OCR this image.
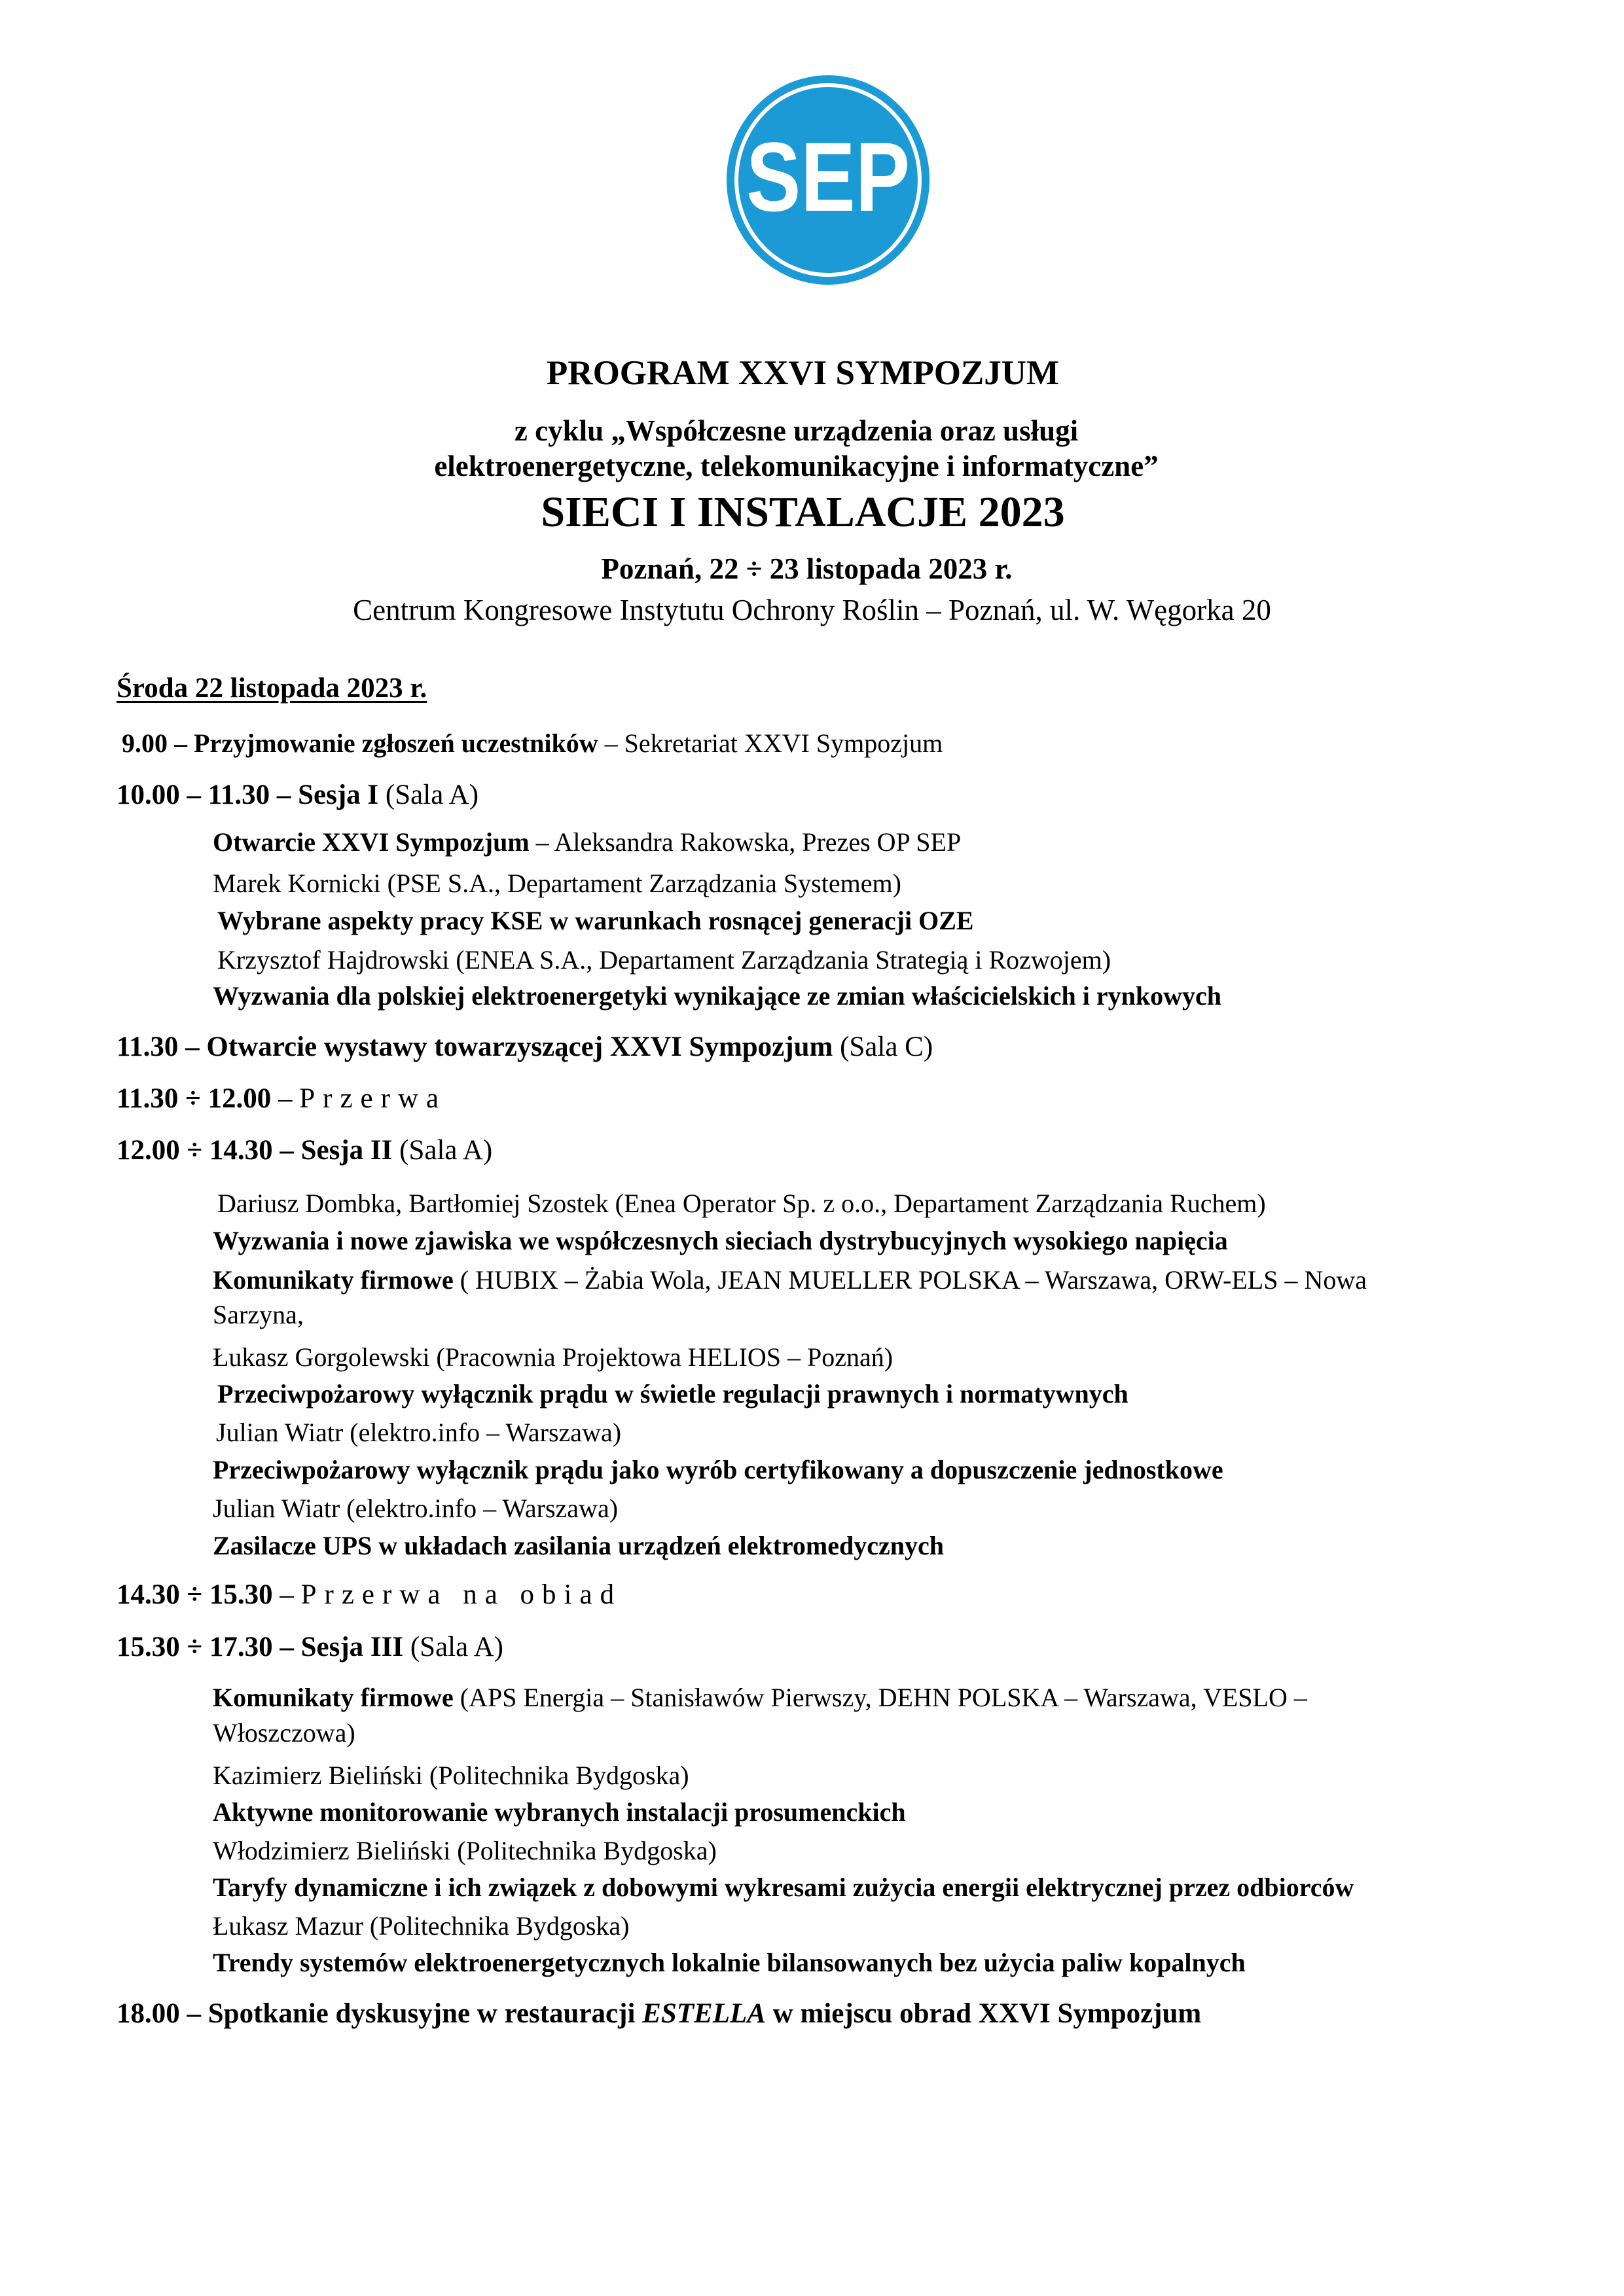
SEP
PROGRAM XXVI SYMPOZJUM
z cyklu „Współczesne urządzenia oraz usługi
elektroenergetyczne, telekomunikacyjne i informatyczne”
SIECI I INSTALACJE 2023
Poznań, 22 ÷ 23 listopada 2023 r.
Centrum Kongresowe Instytutu Ochrony Roślin – Poznań, ul. W. Węgorka 20
Środa 22 listopada 2023 r.
9.00 – Przyjmowanie zgłoszeń uczestników – Sekretariat XXVI Sympozjum
10.00 – 11.30 – Sesja I (Sala A)
Otwarcie XXVI Sympozjum – Aleksandra Rakowska, Prezes OP SEP
Marek Kornicki (PSE S.A., Departament Zarządzania Systemem)
Wybrane aspekty pracy KSE w warunkach rosnącej generacji OZE
Krzysztof Hajdrowski (ENEA S.A., Departament Zarządzania Strategią i Rozwojem)
Wyzwania dla polskiej elektroenergetyki wynikające ze zmian właścicielskich i rynkowych
11.30 – Otwarcie wystawy towarzyszącej XXVI Sympozjum (Sala C)
11.30 ÷ 12.00 – Przerwa
12.00 ÷ 14.30 – Sesja II (Sala A)
Dariusz Dombka, Bartłomiej Szostek (Enea Operator Sp. z o.o., Departament Zarządzania Ruchem)
Wyzwania i nowe zjawiska we współczesnych sieciach dystrybucyjnych wysokiego napięcia
Komunikaty firmowe ( HUBIX – Żabia Wola, JEAN MUELLER POLSKA – Warszawa, ORW-ELS – Nowa
Sarzyna,
Łukasz Gorgolewski (Pracownia Projektowa HELIOS – Poznań)
Przeciwpożarowy wyłącznik prądu w świetle regulacji prawnych i normatywnych
Julian Wiatr (elektro.info – Warszawa)
Przeciwpożarowy wyłącznik prądu jako wyrób certyfikowany a dopuszczenie jednostkowe
Julian Wiatr (elektro.info – Warszawa)
Zasilacze UPS w układach zasilania urządzeń elektromedycznych
14.30 ÷ 15.30 – Przerwa na obiad
15.30 ÷ 17.30 – Sesja III (Sala A)
Komunikaty firmowe (APS Energia – Stanisławów Pierwszy, DEHN POLSKA – Warszawa, VESLO –
Włoszczowa)
Kazimierz Bieliński (Politechnika Bydgoska)
Aktywne monitorowanie wybranych instalacji prosumenckich
Włodzimierz Bieliński (Politechnika Bydgoska)
Taryfy dynamiczne i ich związek z dobowymi wykresami zużycia energii elektrycznej przez odbiorców
Łukasz Mazur (Politechnika Bydgoska)
Trendy systemów elektroenergetycznych lokalnie bilansowanych bez użycia paliw kopalnych
18.00 – Spotkanie dyskusyjne w restauracji ESTELLA w miejscu obrad XXVI Sympozjum
